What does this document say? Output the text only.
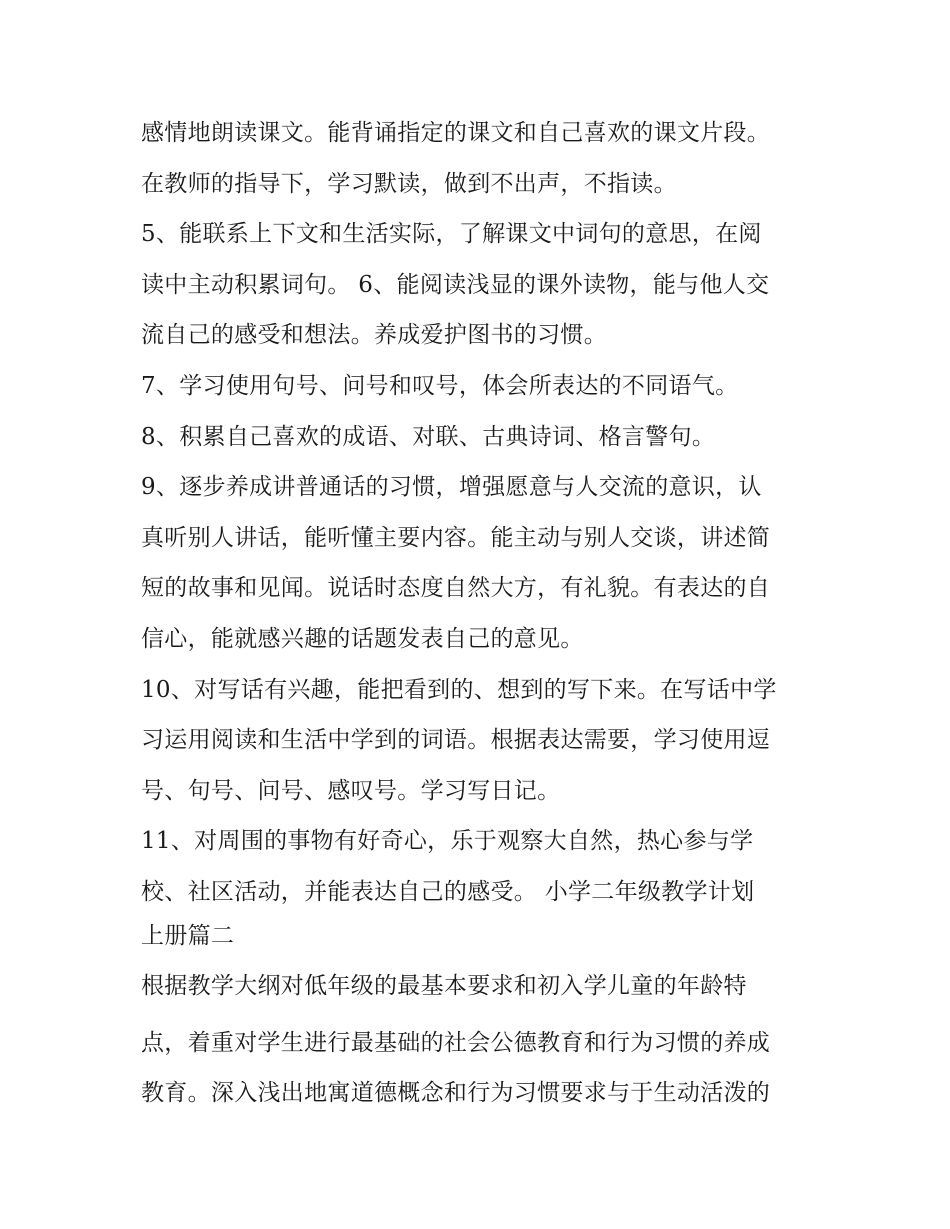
感情地朗读课文。能背诵指定的课文和自己喜欢的课文片段。
在教师的指导下，学习默读，做到不出声，不指读。
5、能联系上下文和生活实际，了解课文中词句的意思，在阅
读中主动积累词句。 6、能阅读浅显的课外读物，能与他人交
流自己的感受和想法。养成爱护图书的习惯。
7、学习使用句号、问号和叹号，体会所表达的不同语气。
8、积累自己喜欢的成语、对联、古典诗词、格言警句。
9、逐步养成讲普通话的习惯，增强愿意与人交流的意识，认
真听别人讲话，能听懂主要内容。能主动与别人交谈，讲述简
短的故事和见闻。说话时态度自然大方，有礼貌。有表达的自
信心，能就感兴趣的话题发表自己的意见。
10、对写话有兴趣，能把看到的、想到的写下来。在写话中学
习运用阅读和生活中学到的词语。根据表达需要，学习使用逗
号、句号、问号、感叹号。学习写日记。
11、对周围的事物有好奇心，乐于观察大自然，热心参与学
校、社区活动，并能表达自己的感受。 小学二年级教学计划
上册篇二
根据教学大纲对低年级的最基本要求和初入学儿童的年龄特
点，着重对学生进行最基础的社会公德教育和行为习惯的养成
教育。深入浅出地寓道德概念和行为习惯要求与于生动活泼的
